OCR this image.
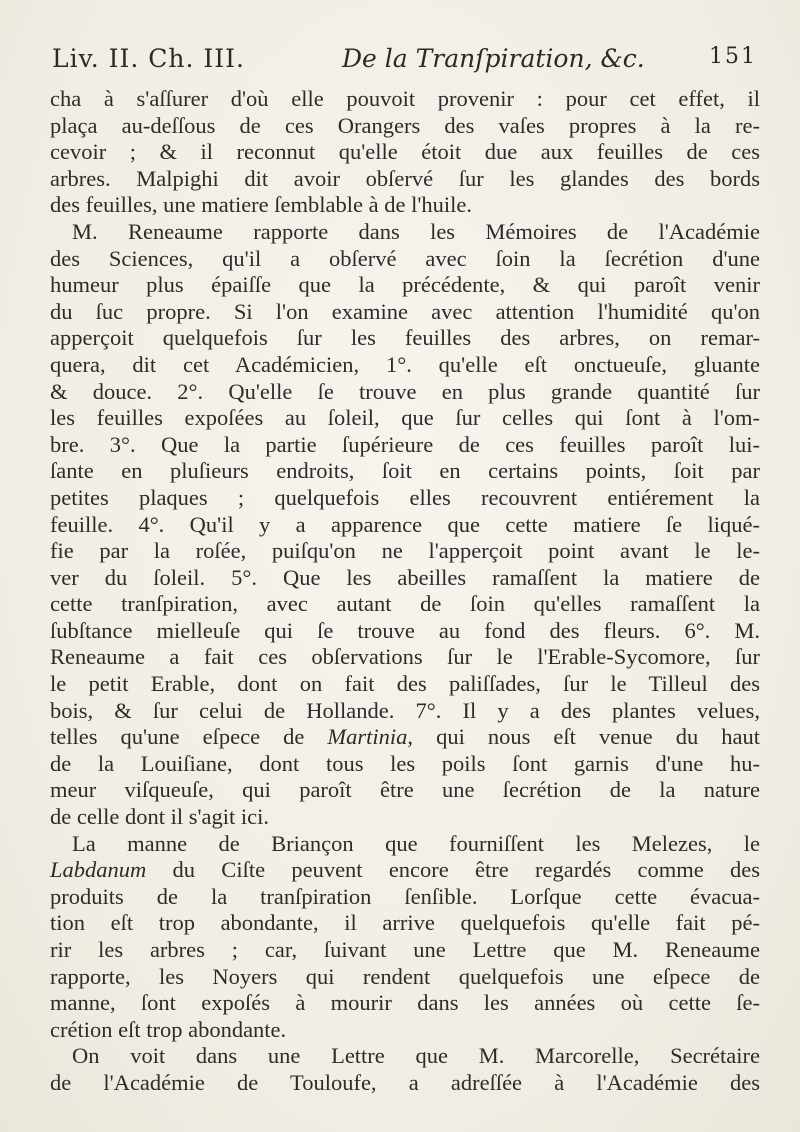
Liv. II. Ch. III.	De la Tranſpiration, &c.	151
cha à s'aſſurer d'où elle pouvoit provenir : pour cet effet, il
plaça au-deſſous de ces Orangers des vaſes propres à la re-
cevoir ; & il reconnut qu'elle étoit due aux feuilles de ces
arbres. Malpighi dit avoir obſervé ſur les glandes des bords
des feuilles, une matiere ſemblable à de l'huile.
M. Reneaume rapporte dans les Mémoires de l'Académie
des Sciences, qu'il a obſervé avec ſoin la ſecrétion d'une
humeur plus épaiſſe que la précédente, & qui paroît venir
du ſuc propre. Si l'on examine avec attention l'humidité qu'on
apperçoit quelquefois ſur les feuilles des arbres, on remar-
quera, dit cet Académicien, 1°. qu'elle eſt onctueuſe, gluante
& douce. 2°. Qu'elle ſe trouve en plus grande quantité ſur
les feuilles expoſées au ſoleil, que ſur celles qui ſont à l'om-
bre. 3°. Que la partie ſupérieure de ces feuilles paroît lui-
ſante en pluſieurs endroits, ſoit en certains points, ſoit par
petites plaques ; quelquefois elles recouvrent entiérement la
feuille. 4°. Qu'il y a apparence que cette matiere ſe liqué-
fie par la roſée, puiſqu'on ne l'apperçoit point avant le le-
ver du ſoleil. 5°. Que les abeilles ramaſſent la matiere de
cette tranſpiration, avec autant de ſoin qu'elles ramaſſent la
ſubſtance mielleuſe qui ſe trouve au fond des fleurs. 6°. M.
Reneaume a fait ces obſervations ſur le l'Erable-Sycomore, ſur
le petit Erable, dont on fait des paliſſades, ſur le Tilleul des
bois, & ſur celui de Hollande. 7°. Il y a des plantes velues,
telles qu'une eſpece de Martinia, qui nous eſt venue du haut
de la Louiſiane, dont tous les poils ſont garnis d'une hu-
meur viſqueuſe, qui paroît être une ſecrétion de la nature
de celle dont il s'agit ici.
La manne de Briançon que fourniſſent les Melezes, le
Labdanum du Ciſte peuvent encore être regardés comme des
produits de la tranſpiration ſenſible. Lorſque cette évacua-
tion eſt trop abondante, il arrive quelquefois qu'elle fait pé-
rir les arbres ; car, ſuivant une Lettre que M. Reneaume
rapporte, les Noyers qui rendent quelquefois une eſpece de
manne, ſont expoſés à mourir dans les années où cette ſe-
crétion eſt trop abondante.
On voit dans une Lettre que M. Marcorelle, Secrétaire
de l'Académie de Touloufe, a adreſſée à l'Académie des
